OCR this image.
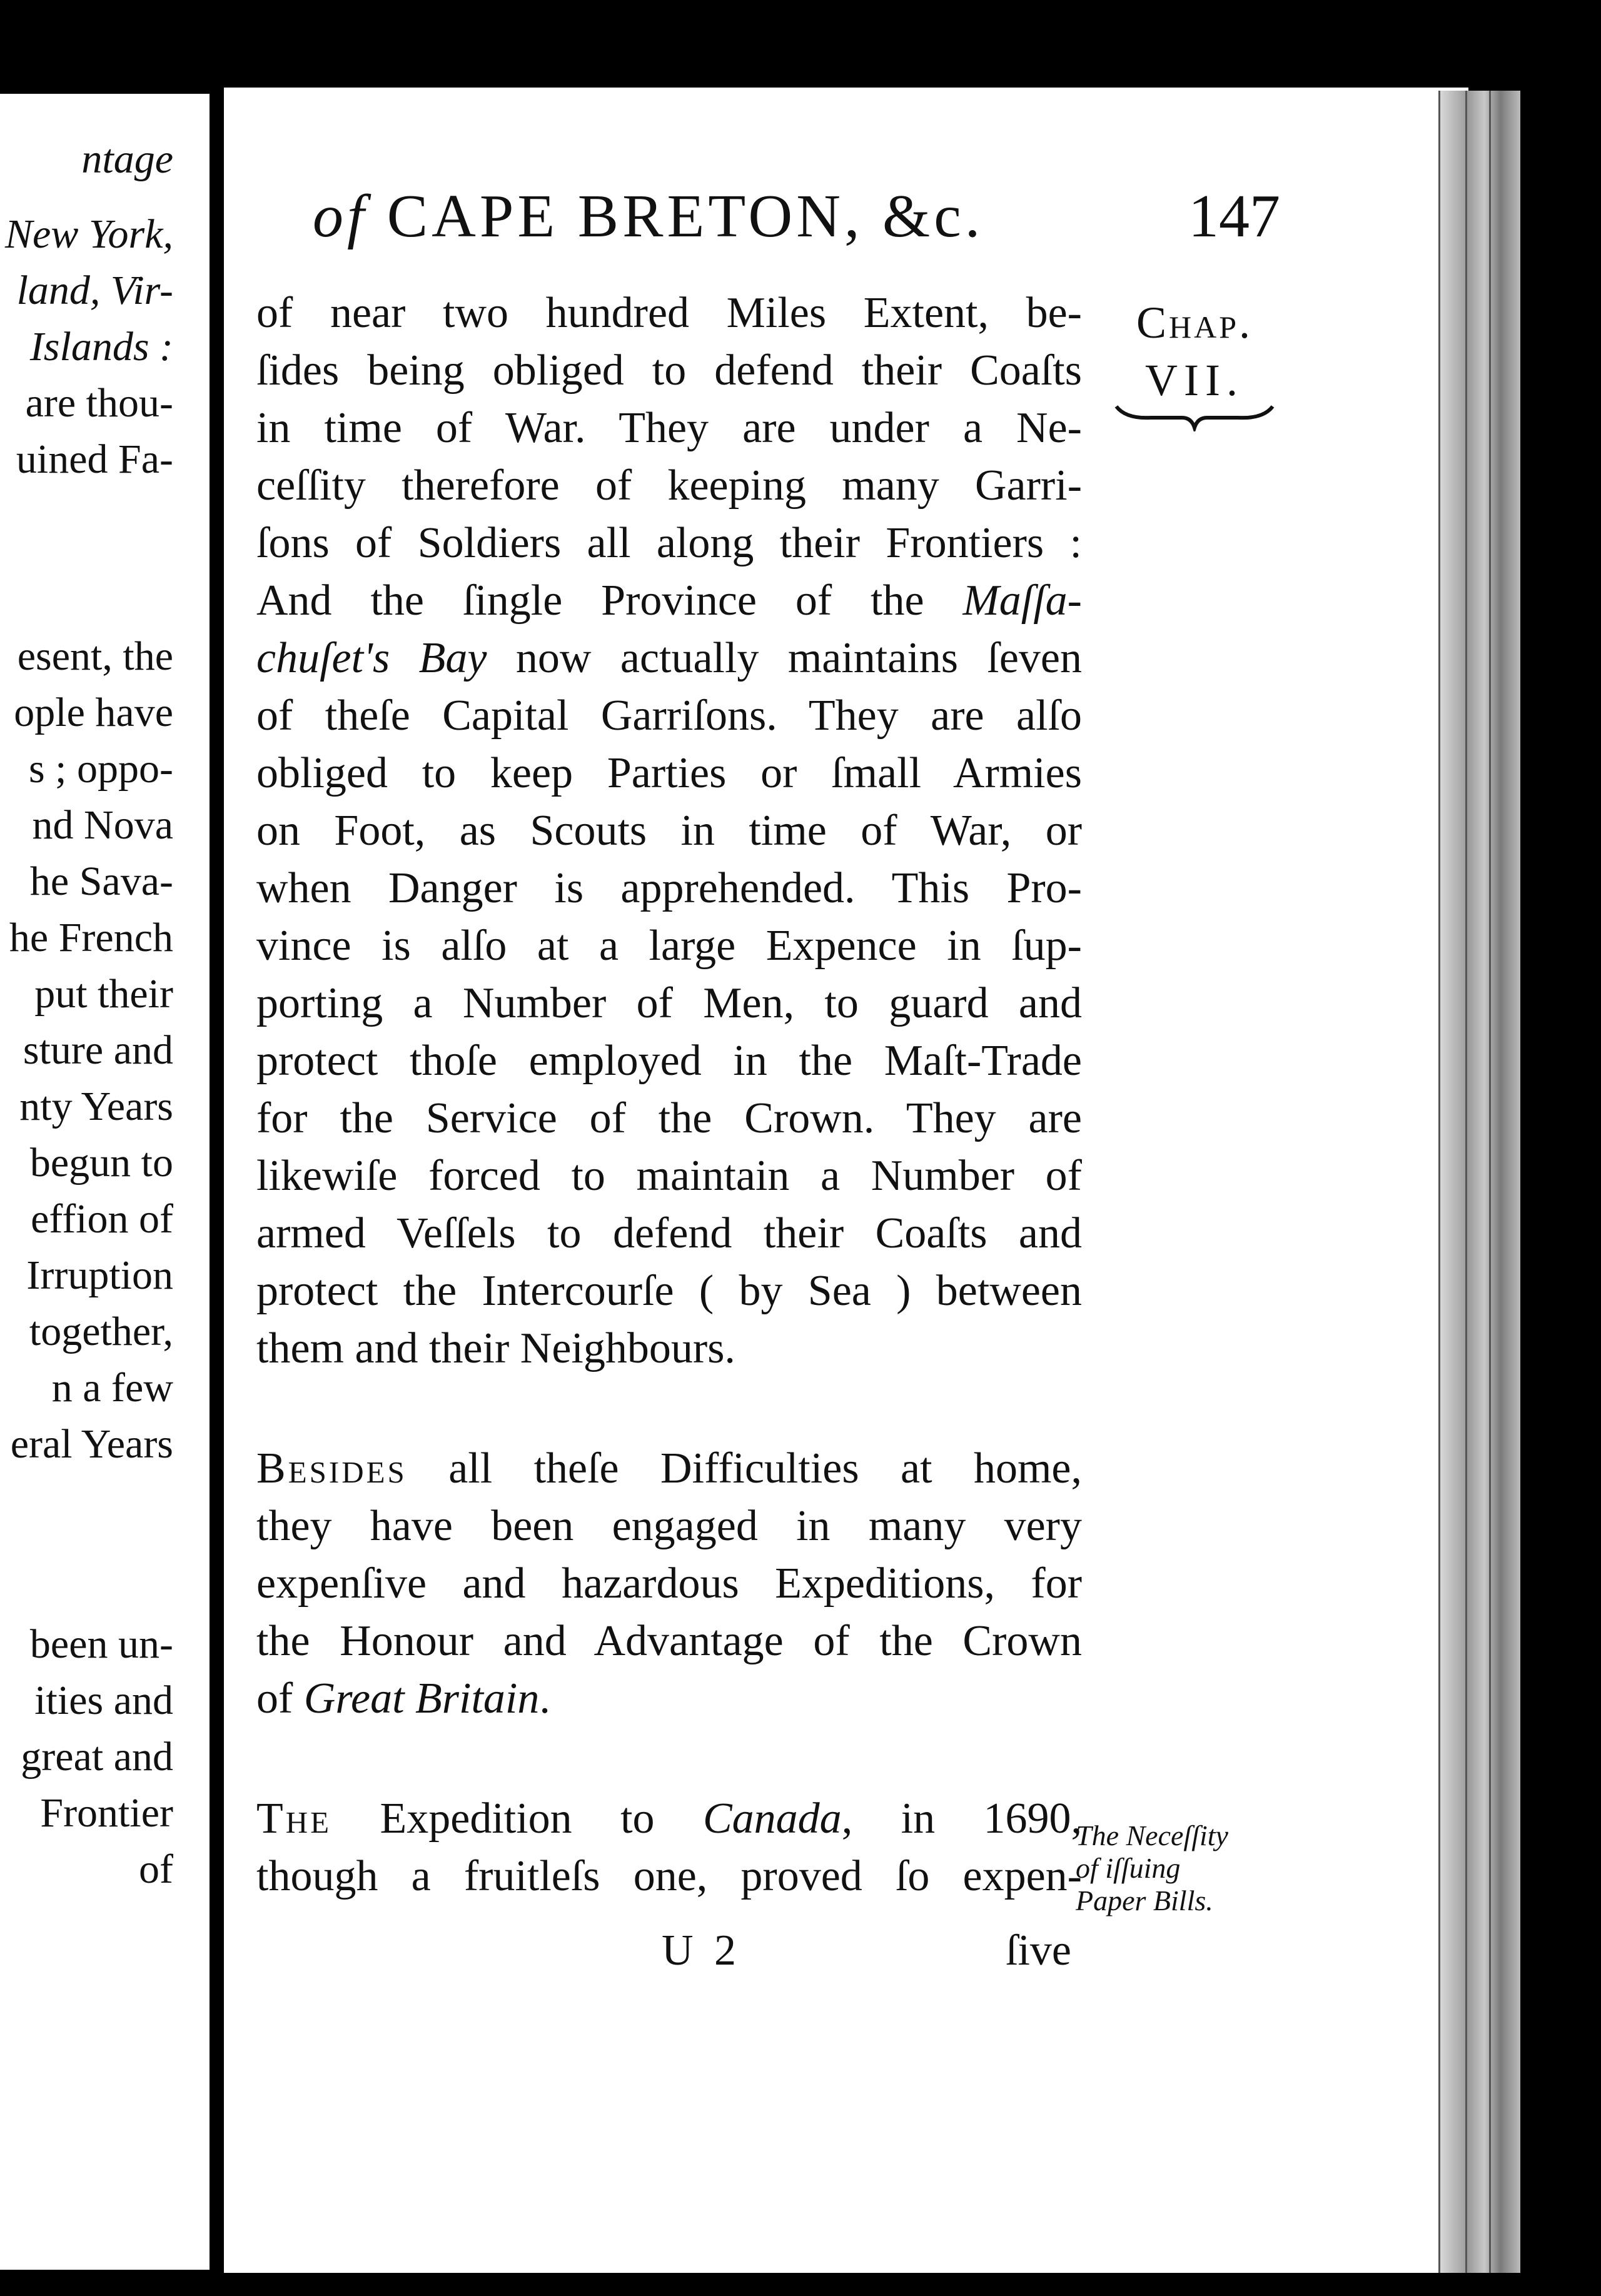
ntage
New York,
land, Vir-
Islands :
are thou-
uined Fa-
esent, the
ople have
s ; oppo-
nd Nova
he Sava-
he French
put their
sture and
nty Years
begun to
effion of
Irruption
together,
n a few
eral Years
been un-
ities and
great and
Frontier
of
of CAPE BRETON, &c.	147
Chap.
VII.
of near two hundred Miles Extent, be-
ſides being obliged to defend their Coaſts
in time of War. They are under a Ne-
ceſſity therefore of keeping many Garri-
ſons of Soldiers all along their Frontiers :
And the ſingle Province of the Maſſa-
chuſet's Bay now actually maintains ſeven
of theſe Capital Garriſons. They are alſo
obliged to keep Parties or ſmall Armies
on Foot, as Scouts in time of War, or
when Danger is apprehended. This Pro-
vince is alſo at a large Expence in ſup-
porting a Number of Men, to guard and
protect thoſe employed in the Maſt-Trade
for the Service of the Crown. They are
likewiſe forced to maintain a Number of
armed Veſſels to defend their Coaſts and
protect the Intercourſe ( by Sea ) between
them and their Neighbours.
Besides all theſe Difficulties at home,
they have been engaged in many very
expenſive and hazardous Expeditions, for
the Honour and Advantage of the Crown
of Great Britain.
The Expedition to Canada, in 1690,
though a fruitleſs one, proved ſo expen-
The Neceſſity
of iſſuing
Paper Bills.
U 2	ſive
